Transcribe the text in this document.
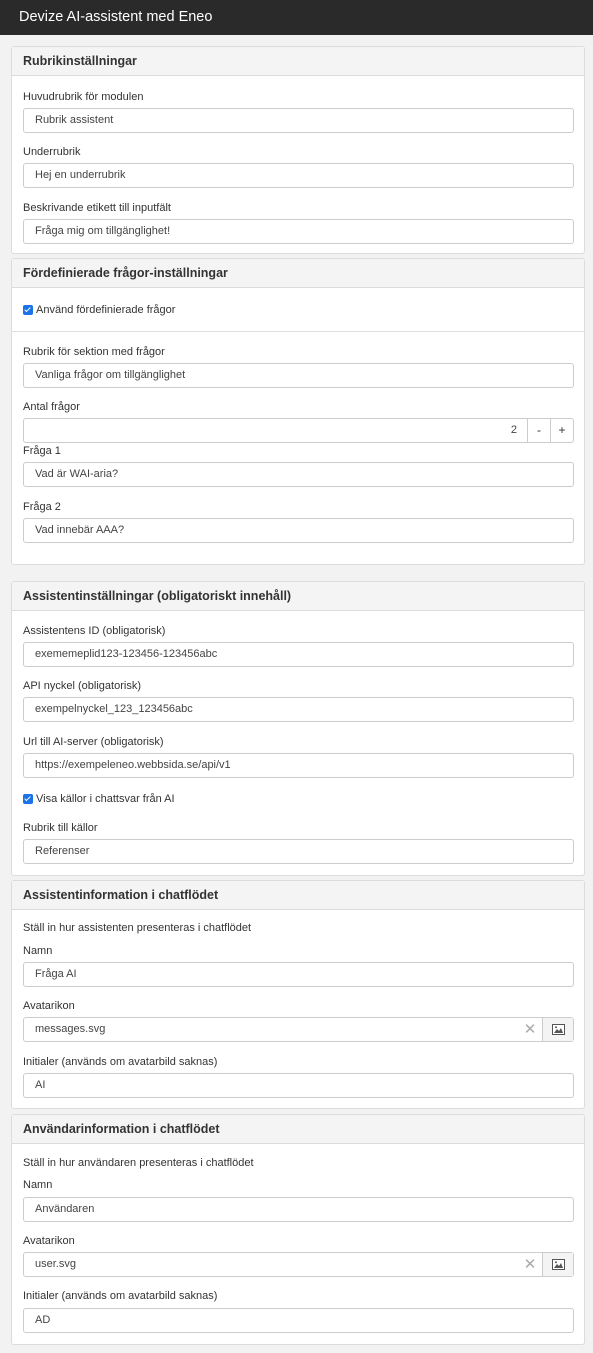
Devize AI-assistent med Eneo
Rubrikinställningar
Huvudrubrik för modulen
Rubrik assistent
Underrubrik
Hej en underrubrik
Beskrivande etikett till inputfält
Fråga mig om tillgänglighet!
Fördefinierade frågor-inställningar
Använd fördefinierade frågor
Rubrik för sektion med frågor
Vanliga frågor om tillgänglighet
Antal frågor
2	-	+
Fråga 1
Vad är WAI-aria?
Fråga 2
Vad innebär AAA?
Assistentinställningar (obligatoriskt innehåll)
Assistentens ID (obligatorisk)
exememeplid123-123456-123456abc
API nyckel (obligatorisk)
exempelnyckel_123_123456abc
Url till AI-server (obligatorisk)
https://exempeleneo.webbsida.se/api/v1
Visa källor i chattsvar från AI
Rubrik till källor
Referenser
Assistentinformation i chatflödet
Ställ in hur assistenten presenteras i chatflödet
Namn
Fråga AI
Avatarikon
messages.svg	✕
Initialer (används om avatarbild saknas)
AI
Användarinformation i chatflödet
Ställ in hur användaren presenteras i chatflödet
Namn
Användaren
Avatarikon
user.svg	✕
Initialer (används om avatarbild saknas)
AD
